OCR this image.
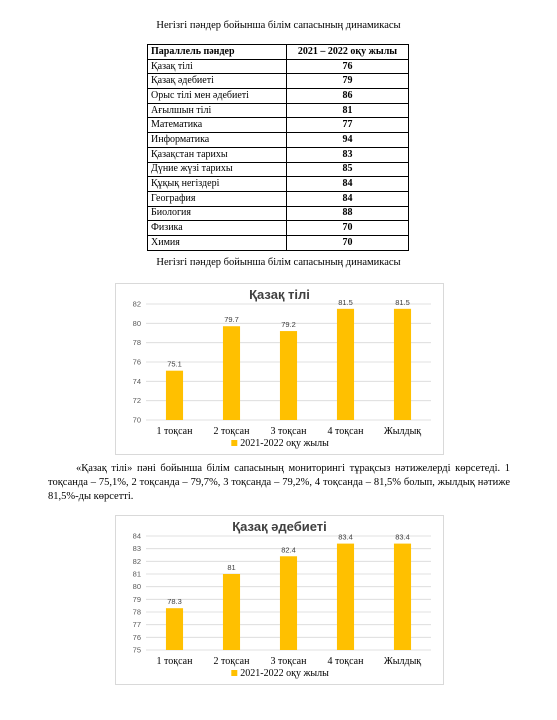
Негізгі пәндер бойынша білім сапасының динамикасы
Параллель пәндер	2021 – 2022 оқу жылы
Қазақ тілі	76
Қазақ әдебиеті	79
Орыс тілі мен әдебиеті	86
Ағылшын тілі	81
Математика	77
Информатика	94
Қазақстан тарихы	83
Дүние жүзі тарихы	85
Құқық негіздері	84
География	84
Биология	88
Физика	70
Химия	70
Негізгі пәндер бойынша білім сапасының динамикасы
Қазақ тілі
70
72
74
76
78
80
82
75.1
1 тоқсан
79.7
2 тоқсан
79.2
3 тоқсан
81.5
4 тоқсан
81.5
Жылдық
2021-2022 оқу жылы
«Қазақ тілі» пәні бойынша білім сапасының мониторингі тұрақсыз нәтижелерді көрсетеді. 1 тоқсанда – 75,1%, 2 тоқсанда – 79,7%, 3 тоқсанда – 79,2%, 4 тоқсанда – 81,5% болып, жылдық нәтиже 81,5%-ды көрсетті.
Қазақ әдебиеті
75
76
77
78
79
80
81
82
83
84
78.3
1 тоқсан
81
2 тоқсан
82.4
3 тоқсан
83.4
4 тоқсан
83.4
Жылдық
2021-2022 оқу жылы
